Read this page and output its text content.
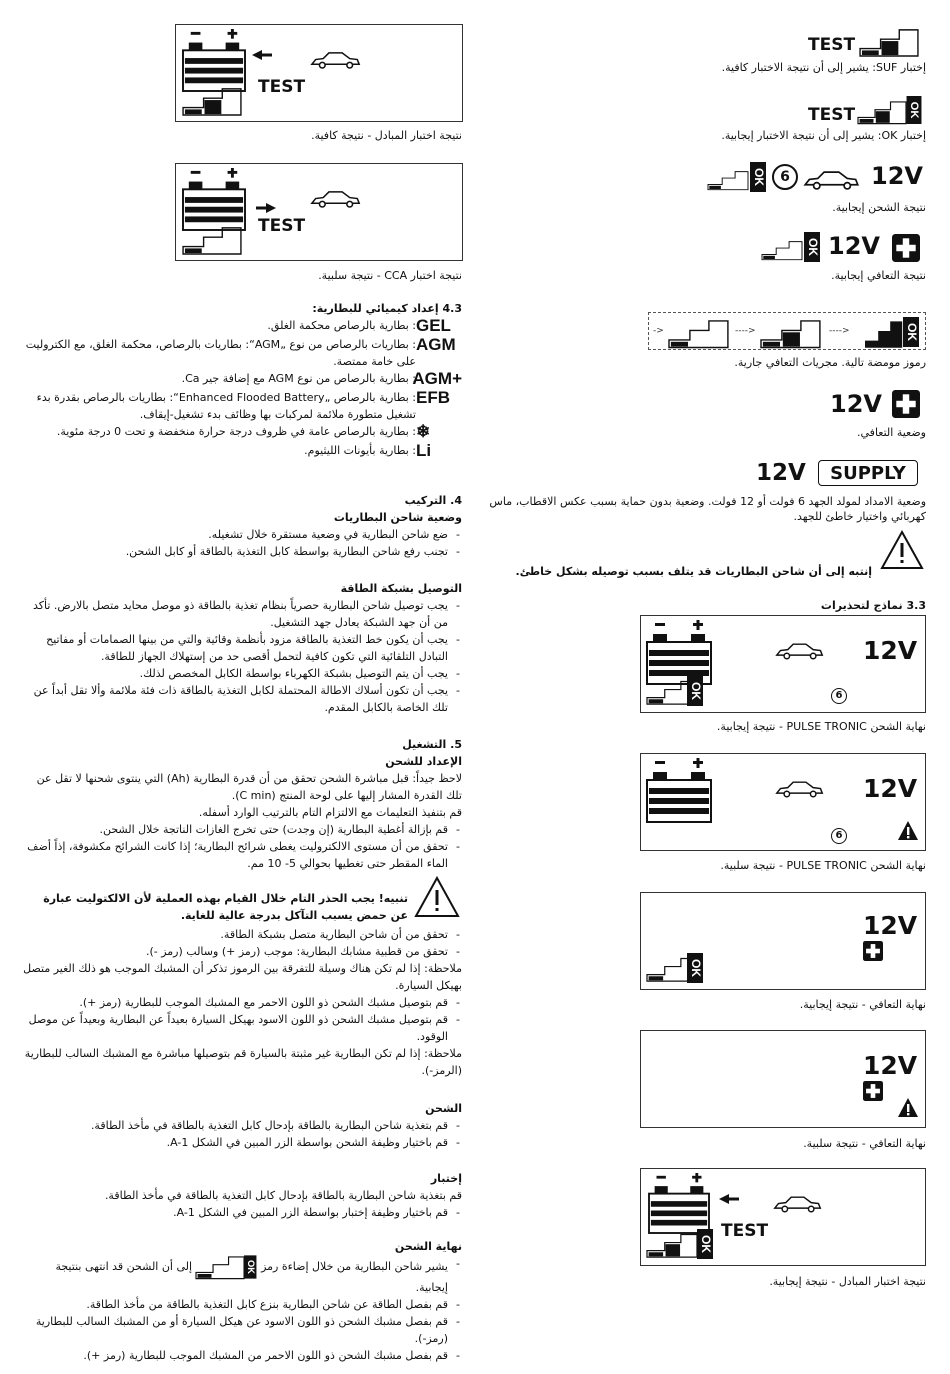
TEST
إختبار SUF: يشير إلى أن نتيجة الاختبار كافية.
TEST
إختبار OK: يشير إلى أن نتيجة الاختبار إيجابية.
6	12V
نتيجة الشحن إيجابية.
12V
نتيجة التعافي إيجابية.
->	---->	---->
رموز مومضة تالية. مجريات التعافي جارية.
12V
وضعية التعافي.
12V	SUPPLY
وضعية الامداد لمولد الجهد 6 فولت أو 12 فولت. وضعية بدون حماية بسبب عكس الاقطاب، ماس كهربائي واختيار خاطئ للجهد.
إنتبه إلى أن شاحن البطاريات قد يتلف بسبب توصيله بشكل خاطئ.
3.3 نماذج لتحذيرات
12V
6
نهاية الشحن PULSE TRONIC - نتيجة إيجابية.
12V
6
نهاية الشحن PULSE TRONIC - نتيجة سلبية.
12V
نهاية التعافي - نتيجة إيجابية.
12V
نهاية التعافي - نتيجة سلبية.
TEST
نتيجة اختبار المبادل - نتيجة إيجابية.
TEST
نتيجة اختبار المبادل - نتيجة كافية.
TEST
نتيجة اختبار CCA - نتيجة سلبية.
4.3 إعداد كيميائي للبطارية:
GEL
: بطارية بالرصاص محكمة الغلق.
AGM
: بطاريات بالرصاص من نوع „AGM“: بطاريات بالرصاص، محكمة الغلق، مع الكتروليت على خامة ممتصة.
AGM+
: بطارية بالرصاص من نوع AGM مع إضافة جير Ca.
EFB
: بطارية بالرصاص „Enhanced Flooded Battery“: بطاريات بالرصاص بقدرة بدء تشغيل متطورة ملائمة لمركبات بها وظائف بدء تشغيل-إيقاف.
❄
: بطارية بالرصاص عامة في ظروف درجة حرارة منخفضة و تحت 0 درجة مئوية.
Li
: بطارية بأيونات الليثيوم.
4. التركيب
وضعية شاحن البطاريات
- ضع شاحن البطارية في وضعية مستقرة خلال تشغيله.
- تجنب رفع شاحن البطارية بواسطة كابل التغذية بالطاقة أو كابل الشحن.
التوصيل بشبكة الطاقة
- يجب توصيل شاحن البطارية حصرياً بنظام تغذية بالطاقة ذو موصل محايد متصل بالارض. تأكد من أن جهد الشبكة يعادل جهد التشغيل.
- يجب أن يكون خط التغذية بالطاقة مزود بأنظمة وقائية والتي من بينها الصمامات أو مفاتيح التبادل التلقائية التي تكون كافية لتحمل أقصى حد من إستهلاك الجهاز للطاقة.
- يجب أن يتم التوصيل بشبكة الكهرباء بواسطة الكابل المخصص لذلك.
- يجب أن تكون أسلاك الاطالة المحتملة لكابل التغذية بالطاقة ذات فئة ملائمة وألا تقل أبداً عن تلك الخاصة بالكابل المقدم.
5. التشغيل
الإعداد للشحن
لاحظ جيداً: قبل مباشرة الشحن تحقق من أن قدرة البطارية (Ah) التي ينتوى شحنها لا تقل عن تلك القدرة المشار إليها على لوحة المنتج (C min).
قم بتنفيذ التعليمات مع الالتزام التام بالترتيب الوارد أسفله.
- قم بإزالة أغطية البطارية (إن وجدت) حتى تخرج الغازات الناتجة خلال الشحن.
- تحقق من أن مستوى الالكتروليت يغطى شرائح البطارية؛ إذا كانت الشرائح مكشوفة، إذاً أضف الماء المقطر حتى تغطيها بحوالي 5- 10 مم.
تنبيه! يجب الحذر التام خلال القيام بهذه العملية لأن الالكتوليت عبارة عن حمض يسبب التآكل بدرجة عالية للغاية.
- تحقق من أن شاحن البطارية متصل بشبكة الطاقة.
- تحقق من قطبية مشابك البطارية: موجب (رمز +) وسالب (رمز -).
ملاحظة: إذا لم تكن هناك وسيلة للتفرقة بين الرموز تذكر أن المشبك الموجب هو ذلك الغير متصل بهيكل السيارة.
- قم بتوصيل مشبك الشحن ذو اللون الاحمر مع المشبك الموجب للبطارية (رمز +).
- قم بتوصيل مشبك الشحن ذو اللون الاسود بهيكل السيارة بعيداً عن البطارية وبعيداً عن موصل الوقود.
ملاحظة: إذا لم تكن البطارية غير مثبتة بالسيارة قم بتوصيلها مباشرة مع المشبك السالب للبطارية (الرمز-).
الشحن
- قم بتغذية شاحن البطارية بالطاقة بإدحال كابل التغذية بالطاقة في مأخذ الطاقة.
- قم باختيار وظيفة الشحن بواسطة الزر المبين في الشكل A-1.
إختبار
قم بتغذية شاحن البطارية بالطاقة بإدحال كابل التغذية بالطاقة في مأخذ الطاقة.
- قم باختيار وظيفة إختبار بواسطة الزر المبين في الشكل A-1.
نهاية الشحن
- يشير شاحن البطارية من خلال إضاءة رمز  إلى أن الشحن قد انتهى بنتيجة إيجابية.
- قم بفصل الطاقة عن شاحن البطارية بنزع كابل التغذية بالطاقة من مأخذ الطاقة.
- قم بفصل مشبك الشحن ذو اللون الاسود عن هيكل السيارة أو من المشبك السالب للبطارية (رمز-).
- قم بفصل مشبك الشحن ذو اللون الاحمر من المشبك الموجب للبطارية (رمز +).
